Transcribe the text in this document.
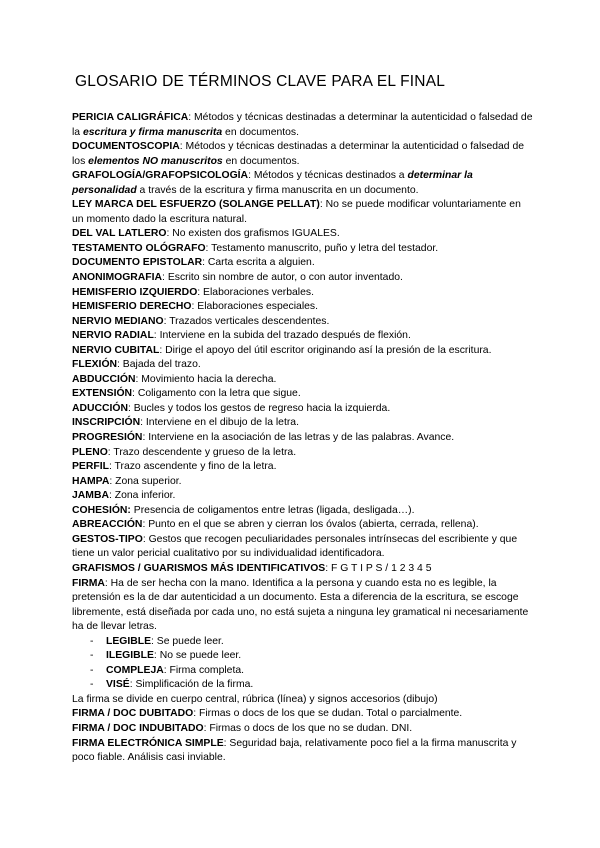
GLOSARIO DE TÉRMINOS CLAVE PARA EL FINAL

PERICIA CALIGRÁFICA: Métodos y técnicas destinadas a determinar la autenticidad o falsedad de la escritura y firma manuscrita en documentos.

DOCUMENTOSCOPIA: Métodos y técnicas destinadas a determinar la autenticidad o falsedad de los elementos NO manuscritos en documentos.

GRAFOLOGÍA/GRAFOPSICOLOGÍA: Métodos y técnicas destinados a determinar la personalidad a través de la escritura y firma manuscrita en un documento.

LEY MARCA DEL ESFUERZO (SOLANGE PELLAT): No se puede modificar voluntariamente en un momento dado la escritura natural.

DEL VAL LATLERO: No existen dos grafismos IGUALES.

TESTAMENTO OLÓGRAFO: Testamento manuscrito, puño y letra del testador.

DOCUMENTO EPISTOLAR: Carta escrita a alguien.

ANONIMOGRAFIA: Escrito sin nombre de autor, o con autor inventado.

HEMISFERIO IZQUIERDO: Elaboraciones verbales.

HEMISFERIO DERECHO: Elaboraciones especiales.

NERVIO MEDIANO: Trazados verticales descendentes.

NERVIO RADIAL: Interviene en la subida del trazado después de flexión.

NERVIO CUBITAL: Dirige el apoyo del útil escritor originando así la presión de la escritura.

FLEXIÓN: Bajada del trazo.

ABDUCCIÓN: Movimiento hacia la derecha.

EXTENSIÓN: Coligamento con la letra que sigue.

ADUCCIÓN: Bucles y todos los gestos de regreso hacia la izquierda.

INSCRIPCIÓN: Interviene en el dibujo de la letra.

PROGRESIÓN: Interviene en la asociación de las letras y de las palabras. Avance.

PLENO: Trazo descendente y grueso de la letra.

PERFIL: Trazo ascendente y fino de la letra.

HAMPA: Zona superior.

JAMBA: Zona inferior.

COHESIÓN: Presencia de coligamentos entre letras (ligada, desligada…).

ABREACCIÓN: Punto en el que se abren y cierran los óvalos (abierta, cerrada, rellena).

GESTOS-TIPO: Gestos que recogen peculiaridades personales intrínsecas del escribiente y que tiene un valor pericial cualitativo por su individualidad identificadora.

GRAFISMOS / GUARISMOS MÁS IDENTIFICATIVOS: F G T I P S / 1 2 3 4 5

FIRMA: Ha de ser hecha con la mano. Identifica a la persona y cuando esta no es legible, la pretensión es la de dar autenticidad a un documento. Esta a diferencia de la escritura, se escoge libremente, está diseñada por cada uno, no está sujeta a ninguna ley gramatical ni necesariamente ha de llevar letras.

- LEGIBLE: Se puede leer.
- ILEGIBLE: No se puede leer.
- COMPLEJA: Firma completa.
- VISÉ: Simplificación de la firma.

La firma se divide en cuerpo central, rúbrica (línea) y signos accesorios (dibujo)

FIRMA / DOC DUBITADO: Firmas o docs de los que se dudan. Total o parcialmente.

FIRMA / DOC INDUBITADO: Firmas o docs de los que no se dudan. DNI.

FIRMA ELECTRÓNICA SIMPLE: Seguridad baja, relativamente poco fiel a la firma manuscrita y poco fiable. Análisis casi inviable.
